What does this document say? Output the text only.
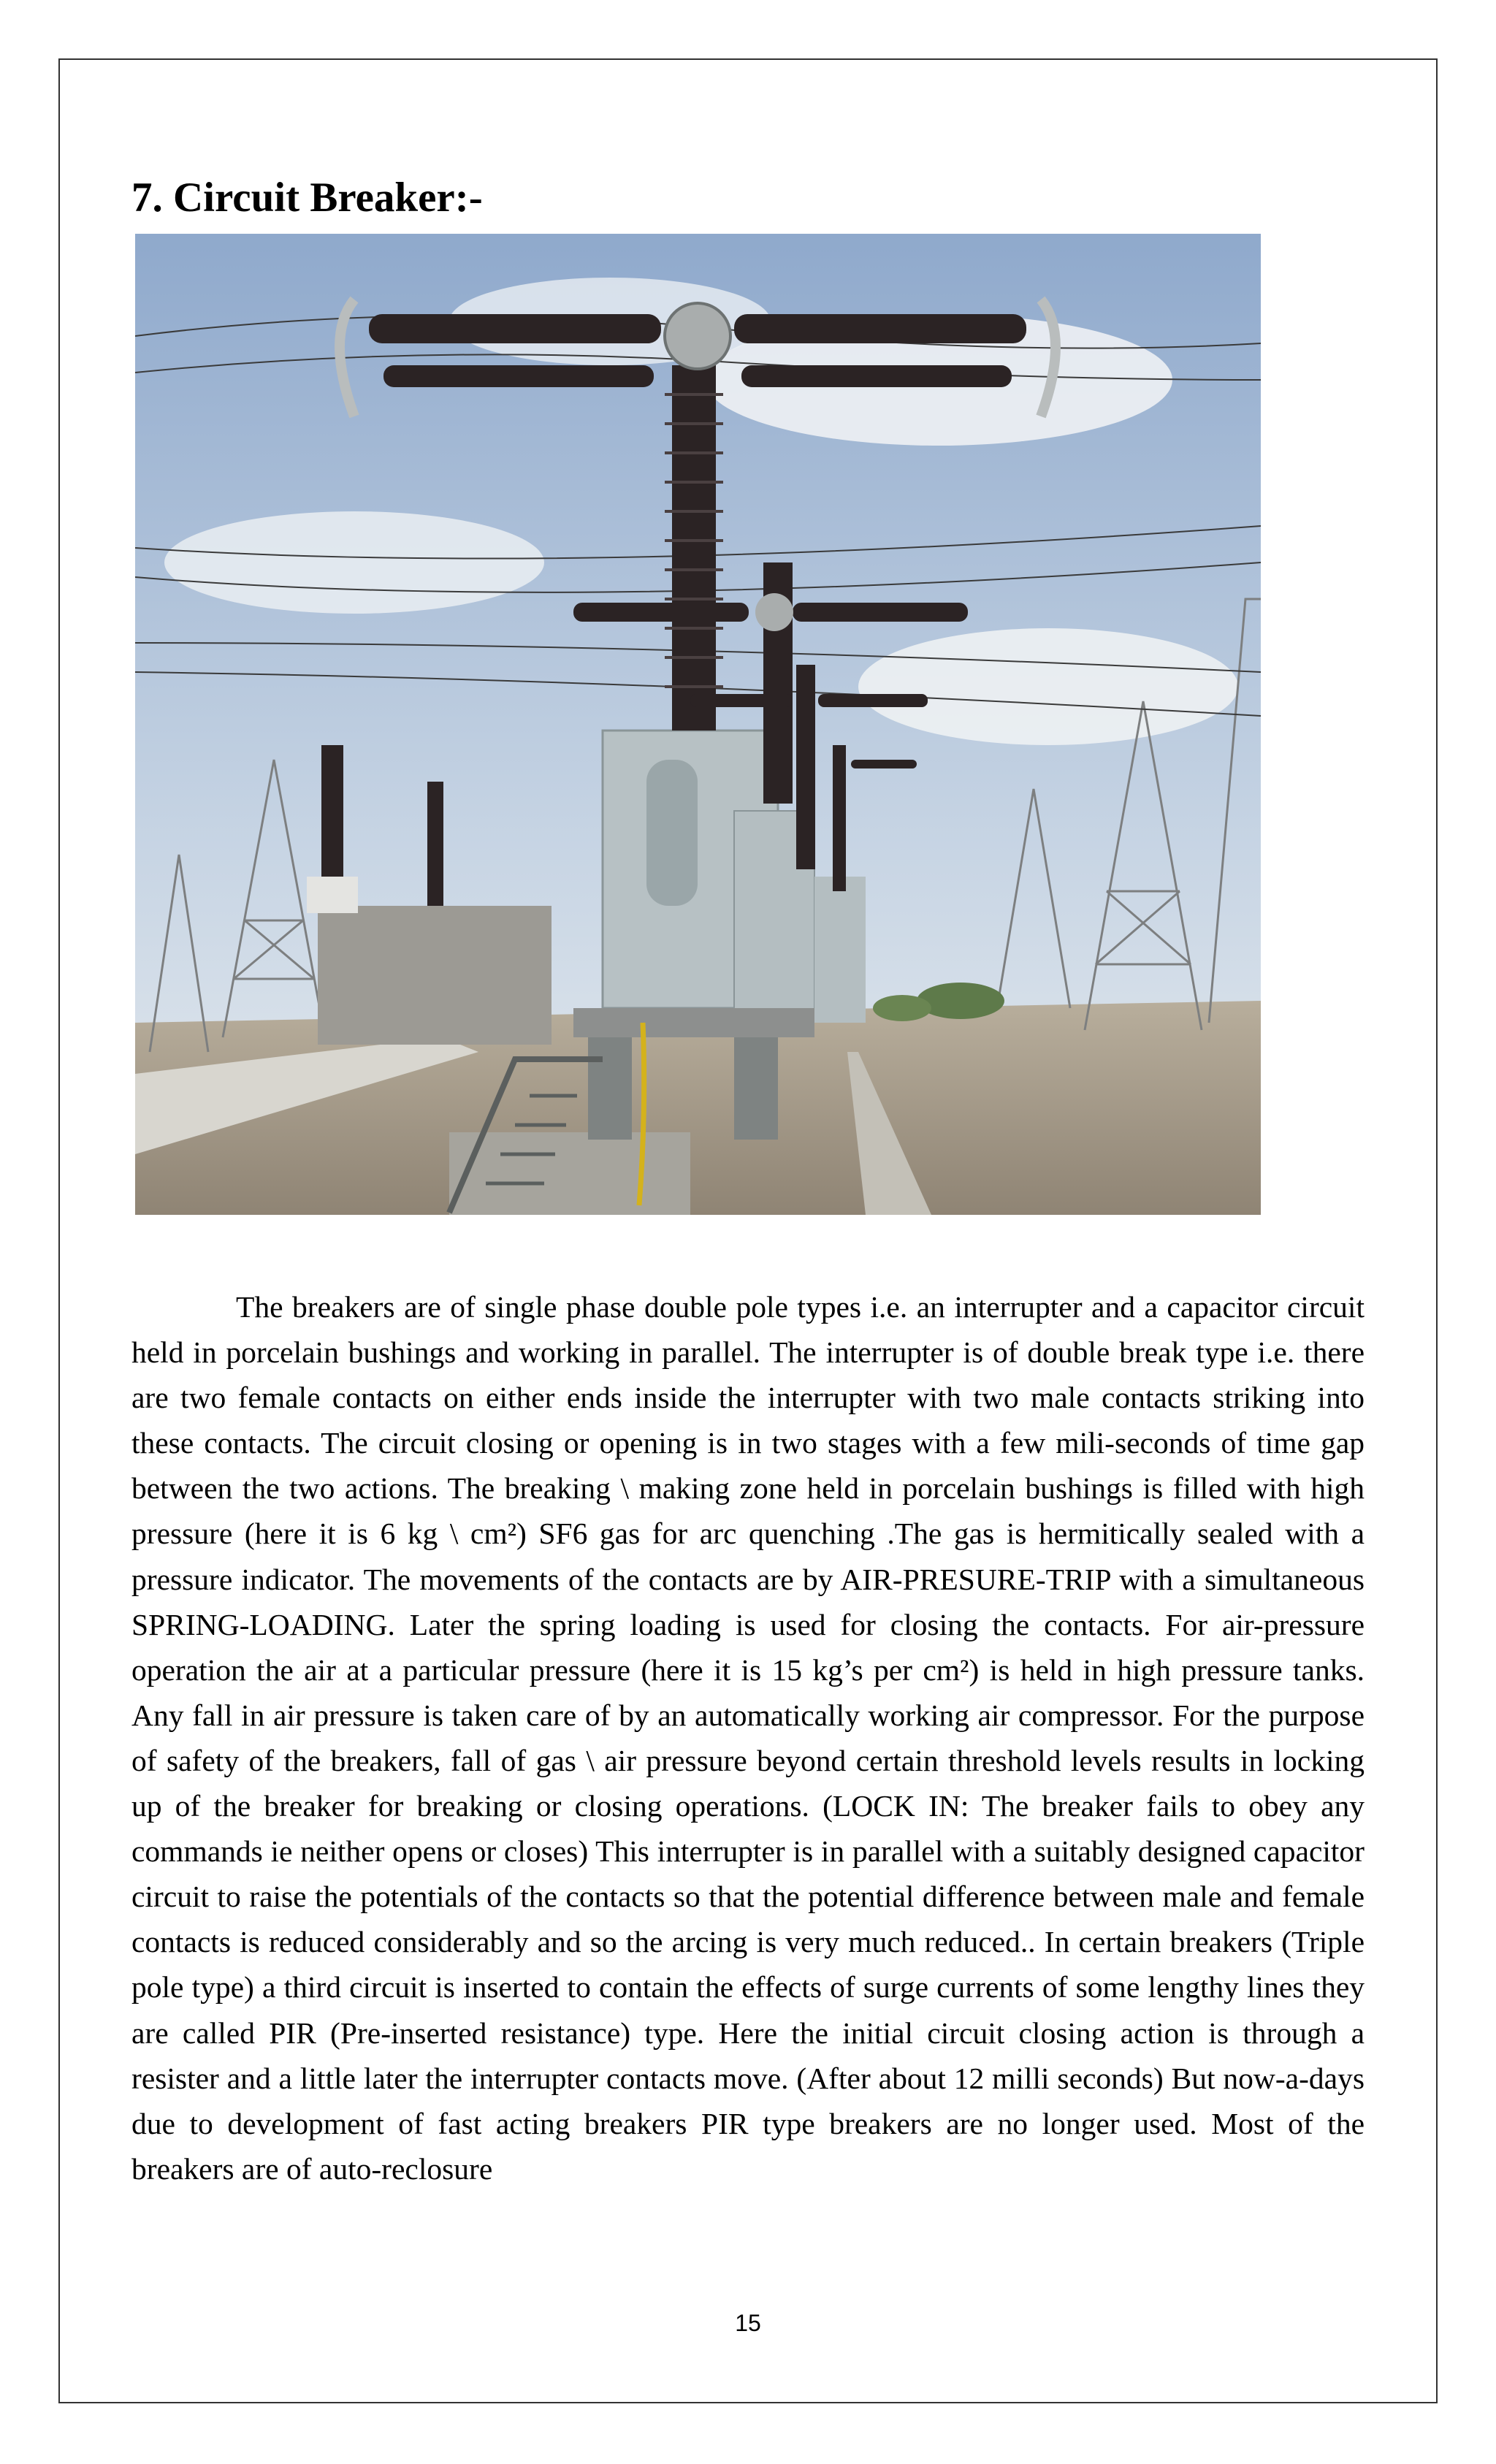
7. Circuit Breaker:-

The breakers are of single phase double pole types i.e. an interrupter and a capacitor circuit held in porcelain bushings and working in parallel. The interrupter is of double break type i.e. there are two female contacts on either ends inside the interrupter with two male contacts striking into these contacts. The circuit closing or opening is in two stages with a few mili-seconds of time gap between the two actions. The breaking \ making zone held in porcelain bushings is filled with high pressure (here it is 6 kg \ cm²) SF6 gas for arc quenching .The gas is hermitically sealed with a pressure indicator. The movements of the contacts are by AIR-PRESURE-TRIP with a simultaneous SPRING-LOADING. Later the spring loading is used for closing the contacts. For air-pressure operation the air at a particular pressure (here it is 15 kg’s per cm²) is held in high pressure tanks. Any fall in air pressure is taken care of by an automatically working air compressor. For the purpose of safety of the breakers, fall of gas \ air pressure beyond certain threshold levels results in locking up of the breaker for breaking or closing operations. (LOCK IN: The breaker fails to obey any commands ie neither opens or closes) This interrupter is in parallel with a suitably designed capacitor circuit to raise the potentials of the contacts so that the potential difference between male and female contacts is reduced considerably and so the arcing is very much reduced.. In certain breakers (Triple pole type) a third circuit is inserted to contain the effects of surge currents of some lengthy lines they are called PIR (Pre-inserted resistance) type. Here the initial circuit closing action is through a resister and a little later the interrupter contacts move. (After about 12 milli seconds) But now-a-days due to development of fast acting breakers PIR type breakers are no longer used. Most of the breakers are of auto-reclosure

15
